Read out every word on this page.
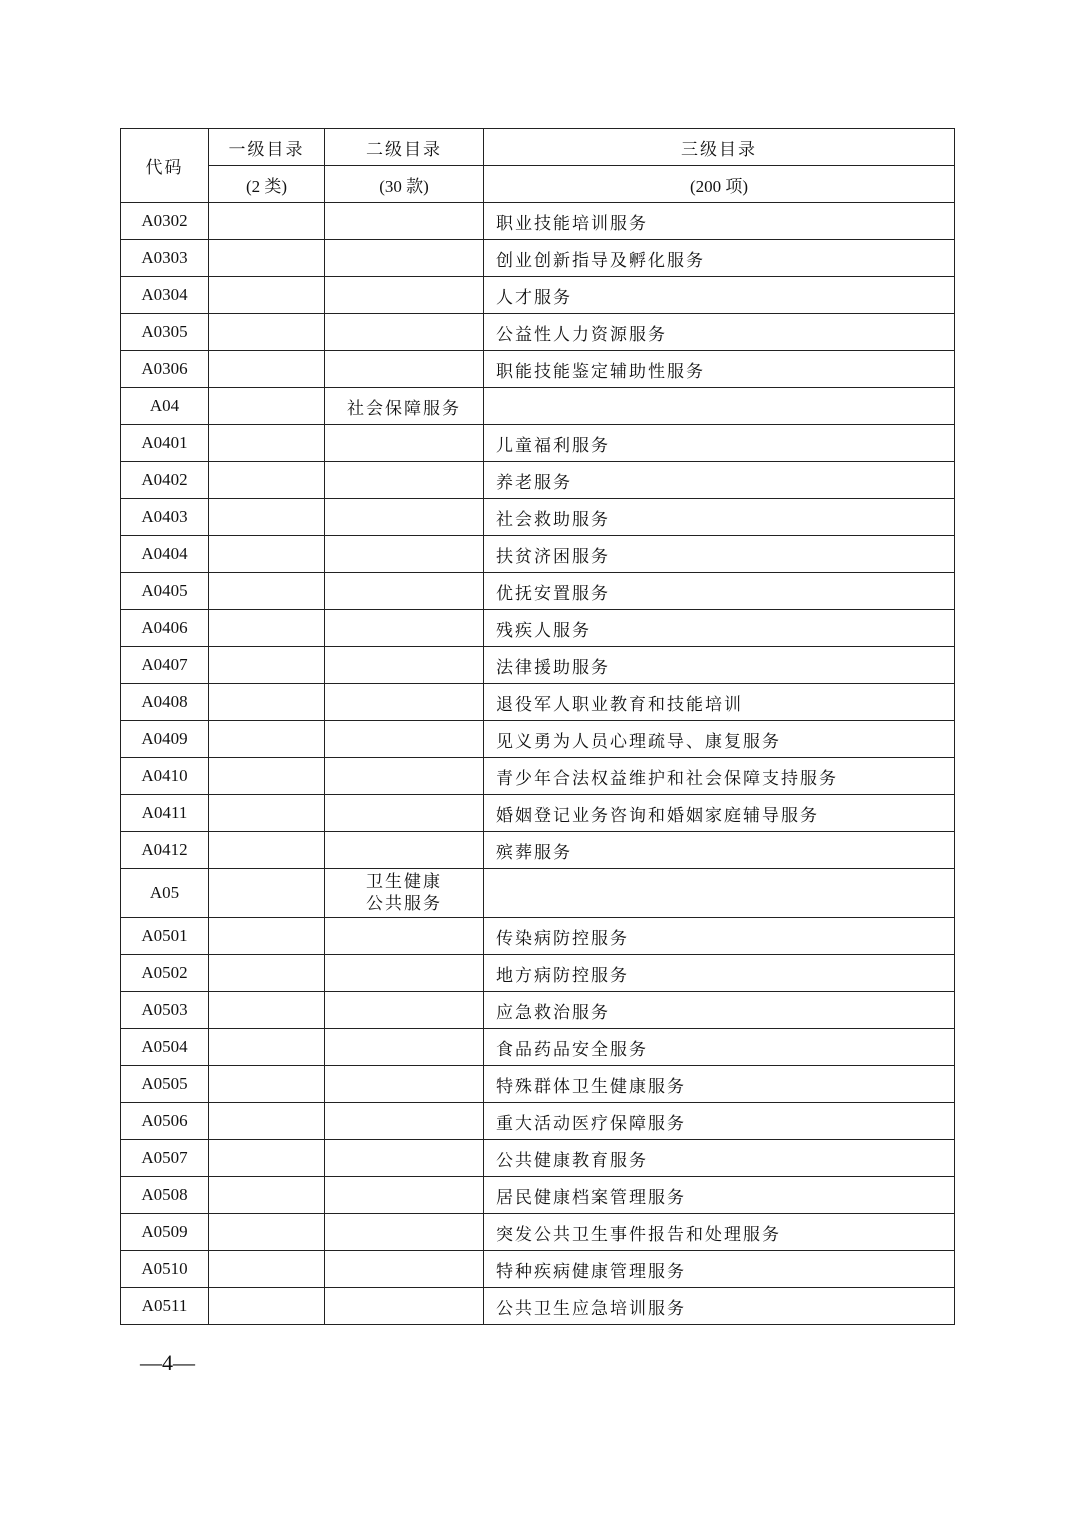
代码	一级目录	二级目录	三级目录
	(2 类)	(30 款)	(200 项)
A0302			职业技能培训服务
A0303			创业创新指导及孵化服务
A0304			人才服务
A0305			公益性人力资源服务
A0306			职能技能鉴定辅助性服务
A04		社会保障服务	
A0401			儿童福利服务
A0402			养老服务
A0403			社会救助服务
A0404			扶贫济困服务
A0405			优抚安置服务
A0406			残疾人服务
A0407			法律援助服务
A0408			退役军人职业教育和技能培训
A0409			见义勇为人员心理疏导、康复服务
A0410			青少年合法权益维护和社会保障支持服务
A0411			婚姻登记业务咨询和婚姻家庭辅导服务
A0412			殡葬服务
A05		卫生健康
公共服务	

A0501			传染病防控服务
A0502			地方病防控服务
A0503			应急救治服务
A0504			食品药品安全服务
A0505			特殊群体卫生健康服务
A0506			重大活动医疗保障服务
A0507			公共健康教育服务
A0508			居民健康档案管理服务
A0509			突发公共卫生事件报告和处理服务
A0510			特种疾病健康管理服务
A0511			公共卫生应急培训服务
—4—
